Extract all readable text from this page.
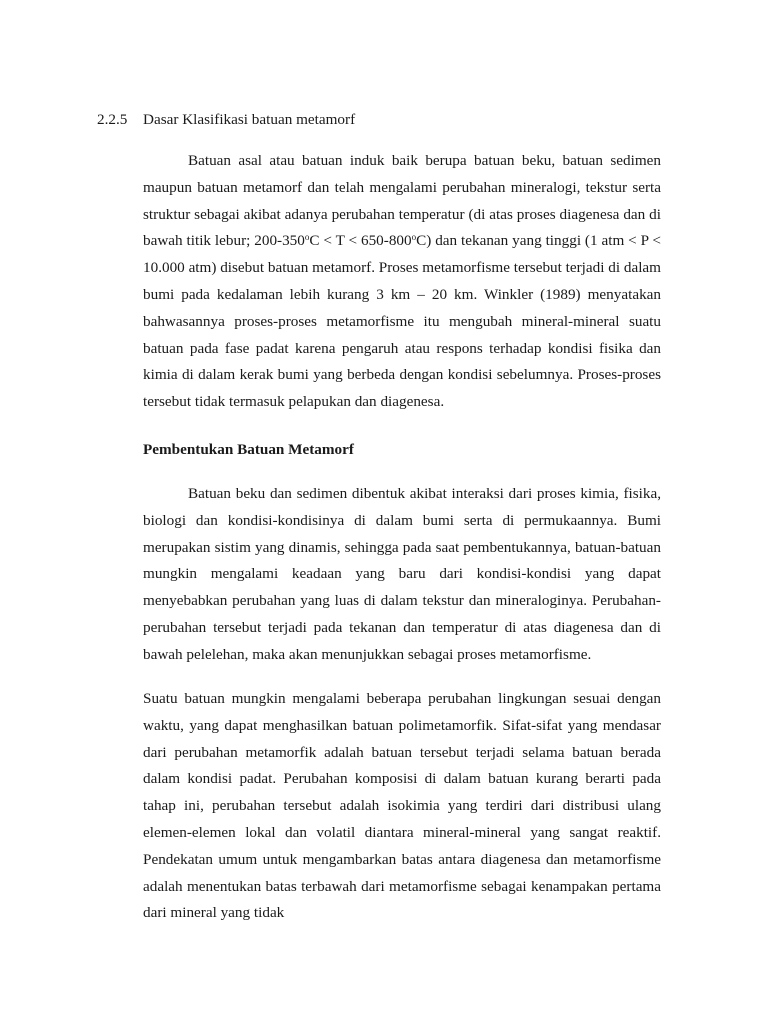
2.2.5 Dasar Klasifikasi batuan metamorf

Batuan asal atau batuan induk baik berupa batuan beku, batuan sedimen maupun batuan metamorf dan telah mengalami perubahan mineralogi, tekstur serta struktur sebagai akibat adanya perubahan temperatur (di atas proses diagenesa dan di bawah titik lebur; $200-350^oC < T < 650-800^oC$) dan tekanan yang tinggi (1 atm < P < 10.000 atm) disebut batuan metamorf. Proses metamorfisme tersebut terjadi di dalam bumi pada kedalaman lebih kurang 3 km – 20 km. Winkler (1989) menyatakan bahwasannya proses-proses metamorfisme itu mengubah mineral-mineral suatu batuan pada fase padat karena pengaruh atau respons terhadap kondisi fisika dan kimia di dalam kerak bumi yang berbeda dengan kondisi sebelumnya. Proses-proses tersebut tidak termasuk pelapukan dan diagenesa.

Pembentukan Batuan Metamorf

Batuan beku dan sedimen dibentuk akibat interaksi dari proses kimia, fisika, biologi dan kondisi-kondisinya di dalam bumi serta di permukaannya. Bumi merupakan sistim yang dinamis, sehingga pada saat pembentukannya, batuan-batuan mungkin mengalami keadaan yang baru dari kondisi-kondisi yang dapat menyebabkan perubahan yang luas di dalam tekstur dan mineraloginya. Perubahan-perubahan tersebut terjadi pada tekanan dan temperatur di atas diagenesa dan di bawah pelelehan, maka akan menunjukkan sebagai proses metamorfisme.

Suatu batuan mungkin mengalami beberapa perubahan lingkungan sesuai dengan waktu, yang dapat menghasilkan batuan polimetamorfik. Sifat-sifat yang mendasar dari perubahan metamorfik adalah batuan tersebut terjadi selama batuan berada dalam kondisi padat. Perubahan komposisi di dalam batuan kurang berarti pada tahap ini, perubahan tersebut adalah isokimia yang terdiri dari distribusi ulang elemen-elemen lokal dan volatil diantara mineral-mineral yang sangat reaktif. Pendekatan umum untuk mengambarkan batas antara diagenesa dan metamorfisme adalah menentukan batas terbawah dari metamorfisme sebagai kenampakan pertama dari mineral yang tidak
